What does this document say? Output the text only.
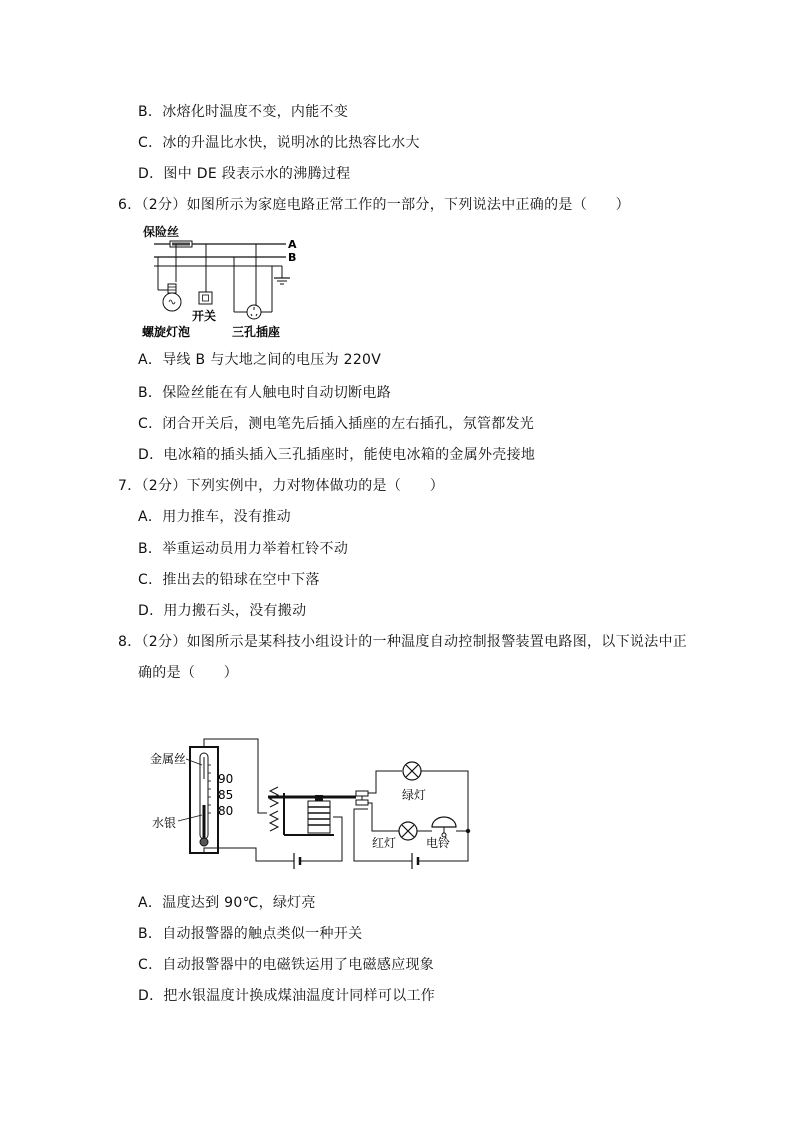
B．冰熔化时温度不变，内能不变
C．冰的升温比水快，说明冰的比热容比水大
D．图中 DE 段表示水的沸腾过程
6．（2分）如图所示为家庭电路正常工作的一部分，下列说法中正确的是（　　）
保险丝
A
B
开关
螺旋灯泡	三孔插座
A．导线 B 与大地之间的电压为 220V
B．保险丝能在有人触电时自动切断电路
C．闭合开关后，测电笔先后插入插座的左右插孔，氖管都发光
D．电冰箱的插头插入三孔插座时，能使电冰箱的金属外壳接地
7．（2分）下列实例中，力对物体做功的是（　　）
A．用力推车，没有推动
B．举重运动员用力举着杠铃不动
C．推出去的铅球在空中下落
D．用力搬石头，没有搬动
8．（2分）如图所示是某科技小组设计的一种温度自动控制报警装置电路图，以下说法中正
确的是（　　）
90
85
80
金属丝
水银
绿灯
红灯 电铃
A．温度达到 90℃，绿灯亮
B．自动报警器的触点类似一种开关
C．自动报警器中的电磁铁运用了电磁感应现象
D．把水银温度计换成煤油温度计同样可以工作
